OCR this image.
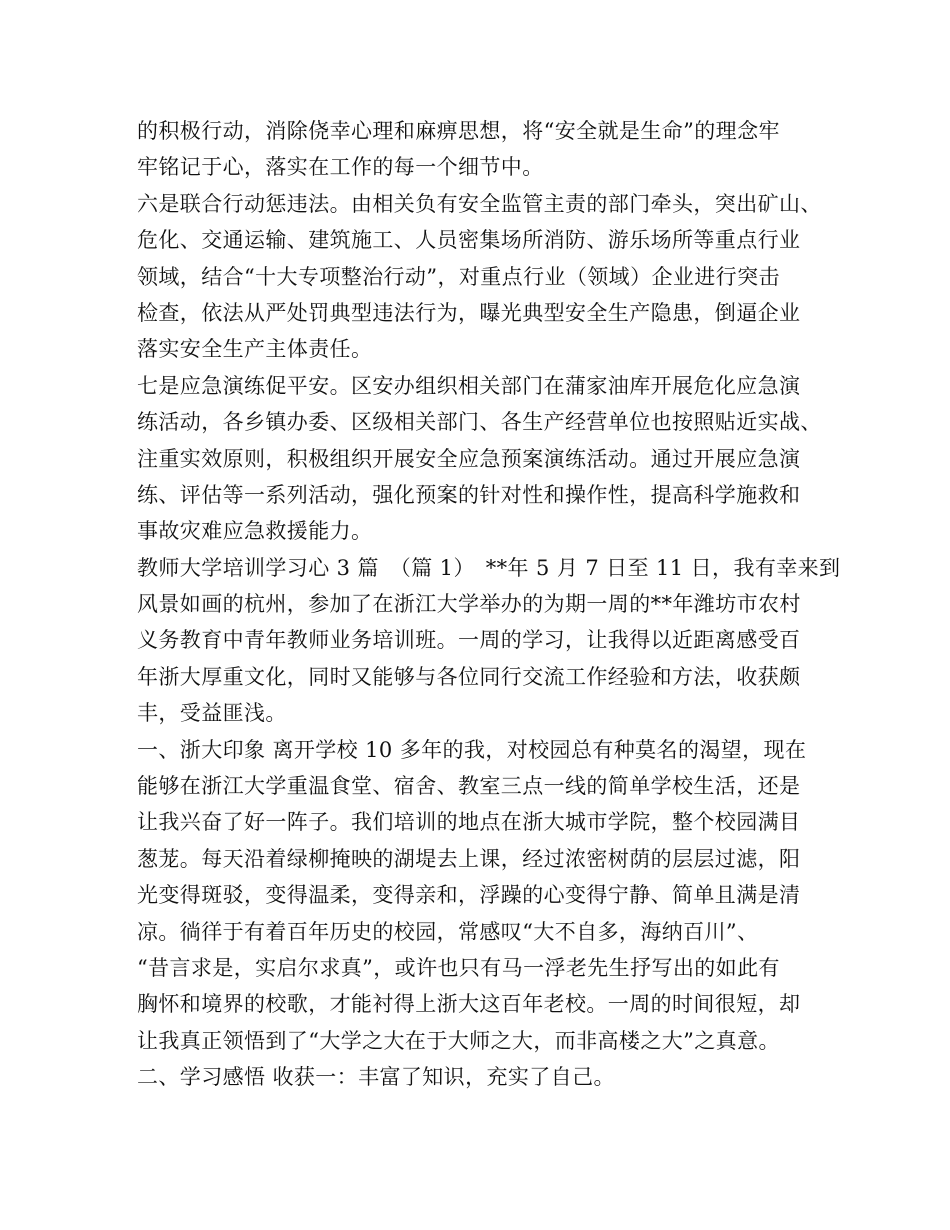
的积极行动，消除侥幸心理和麻痹思想，将“安全就是生命”的理念牢
牢铭记于心，落实在工作的每一个细节中。
六是联合行动惩违法。由相关负有安全监管主责的部门牵头，突出矿山、
危化、交通运输、建筑施工、人员密集场所消防、游乐场所等重点行业
领域，结合“十大专项整治行动”，对重点行业（领域）企业进行突击
检查，依法从严处罚典型违法行为，曝光典型安全生产隐患，倒逼企业
落实安全生产主体责任。
七是应急演练促平安。区安办组织相关部门在蒲家油库开展危化应急演
练活动，各乡镇办委、区级相关部门、各生产经营单位也按照贴近实战、
注重实效原则，积极组织开展安全应急预案演练活动。通过开展应急演
练、评估等一系列活动，强化预案的针对性和操作性，提高科学施救和
事故灾难应急救援能力。
教师大学培训学习心 3 篇　（篇 1）　**年 5 月 7 日至 11 日，我有幸来到
风景如画的杭州，参加了在浙江大学举办的为期一周的**年潍坊市农村
义务教育中青年教师业务培训班。一周的学习，让我得以近距离感受百
年浙大厚重文化，同时又能够与各位同行交流工作经验和方法，收获颇
丰，受益匪浅。
一、浙大印象 离开学校 10 多年的我，对校园总有种莫名的渴望，现在
能够在浙江大学重温食堂、宿舍、教室三点一线的简单学校生活，还是
让我兴奋了好一阵子。我们培训的地点在浙大城市学院，整个校园满目
葱茏。每天沿着绿柳掩映的湖堤去上课，经过浓密树荫的层层过滤，阳
光变得斑驳，变得温柔，变得亲和，浮躁的心变得宁静、简单且满是清
凉。徜徉于有着百年历史的校园，常感叹“大不自多，海纳百川”、
“昔言求是，实启尔求真”，或许也只有马一浮老先生抒写出的如此有
胸怀和境界的校歌，才能衬得上浙大这百年老校。一周的时间很短，却
让我真正领悟到了“大学之大在于大师之大，而非高楼之大”之真意。
二、学习感悟 收获一：丰富了知识，充实了自己。
